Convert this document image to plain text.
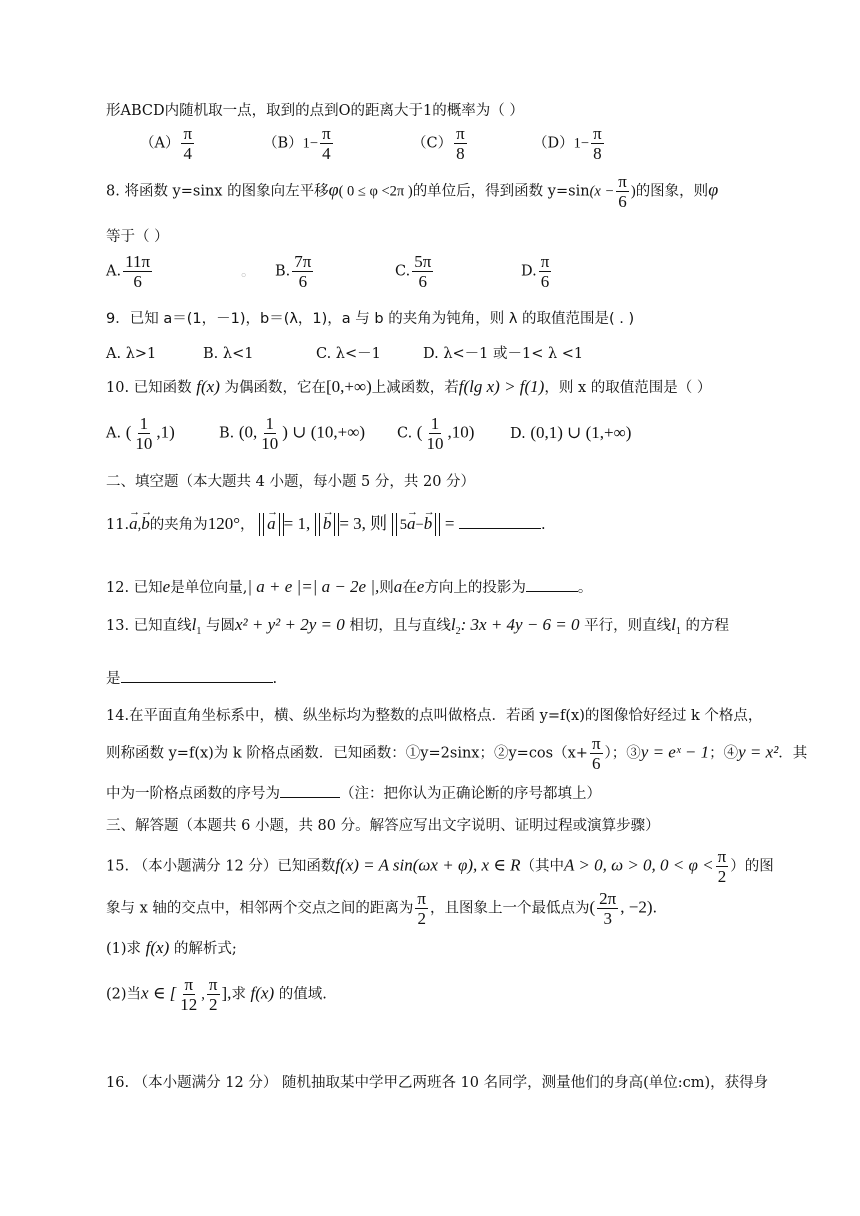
形ABCD内随机取一点，取到的点到O的距离大于1的概率为（ ）
$(A) \frac{\pi}{4}$	$(B)1- \frac{\pi}{4}$	$(C) \frac{\pi}{8}$	$(D)1- \frac{\pi}{8}$
8. 将函数 y=sinx 的图象向左平移φ( 0 ≤ φ <2π )的单位后，得到函数 $y=\sin(x - \frac{\pi}{6}$ )的图象，则φ
等于（ ）
A. $\frac{11\pi}{6}$	。 B. $\frac{7\pi}{6}$	C. $\frac{5\pi}{6}$	D. $\frac{\pi}{6}$
9．已知 a＝(1，－1)，b＝(λ，1)，a 与 b 的夹角为钝角，则 λ 的取值范围是( . )
A. λ>1	B. λ<1	C. λ<－1	D. λ<－1 或－1< λ <1
10. 已知函数 f(x) 为偶函数，它在[0,+∞)上减函数，若f(lg x) > f(1)，则 x 的取值范围是（ ）
A. ( $\frac{1}{10} ,1$)	B. (0, $\frac{1}{10}$ ) ∪ (10,+∞) C. ( $\frac{1}{10} ,10$) D. (0,1) ∪ (1,+∞)
二、填空题（本大题共 4 小题，每小题 5 分，共 20 分）
11.→ a,→ b的夹角为120°， → a = 1, → b = 3, 则 5→ a−→ b =	.
12. 已知e是单位向量,| a + e |=| a − 2e |,则a在e方向上的投影为	。
13. 已知直线$l_1$ 与圆x² + y² + 2y = 0 相切，且与直线$l_2$: 3x + 4y − 6 = 0 平行，则直线$l_1$ 的方程
是	.
14.在平面直角坐标系中，横、纵坐标均为整数的点叫做格点．若函 y=f(x)的图像恰好经过 k 个格点，
则称函数 y=f(x)为 k 阶格点函数．已知函数：①y=2sinx；②y=cos（x+ $\frac{\pi}{6}$ ）；③y = eˣ − 1；④y = x²．其
中为一阶格点函数的序号为	（注：把你认为正确论断的序号都填上）
三、解答题（本题共 6 小题，共 80 分。解答应写出文字说明、证明过程或演算步骤）
15. （本小题满分 12 分）已知函数f(x) = A sin(ωx + φ), x ∈ R（其中A > 0, ω > 0, $0 < \varphi < \frac{\pi}{2}$ ）的图
象与 x 轴的交点中，相邻两个交点之间的距离为 $\frac{\pi}{2}$ ，且图象上一个最低点为( $\frac{2\pi}{3}$ , −2).
(1)求 f(x) 的解析式;
(2)当x ∈ [ $\frac{\pi}{12}$ , $\frac{\pi}{2}$ ],求 f(x) 的值域.
16. （本小题满分 12 分） 随机抽取某中学甲乙两班各 10 名同学，测量他们的身高(单位:cm)，获得身
